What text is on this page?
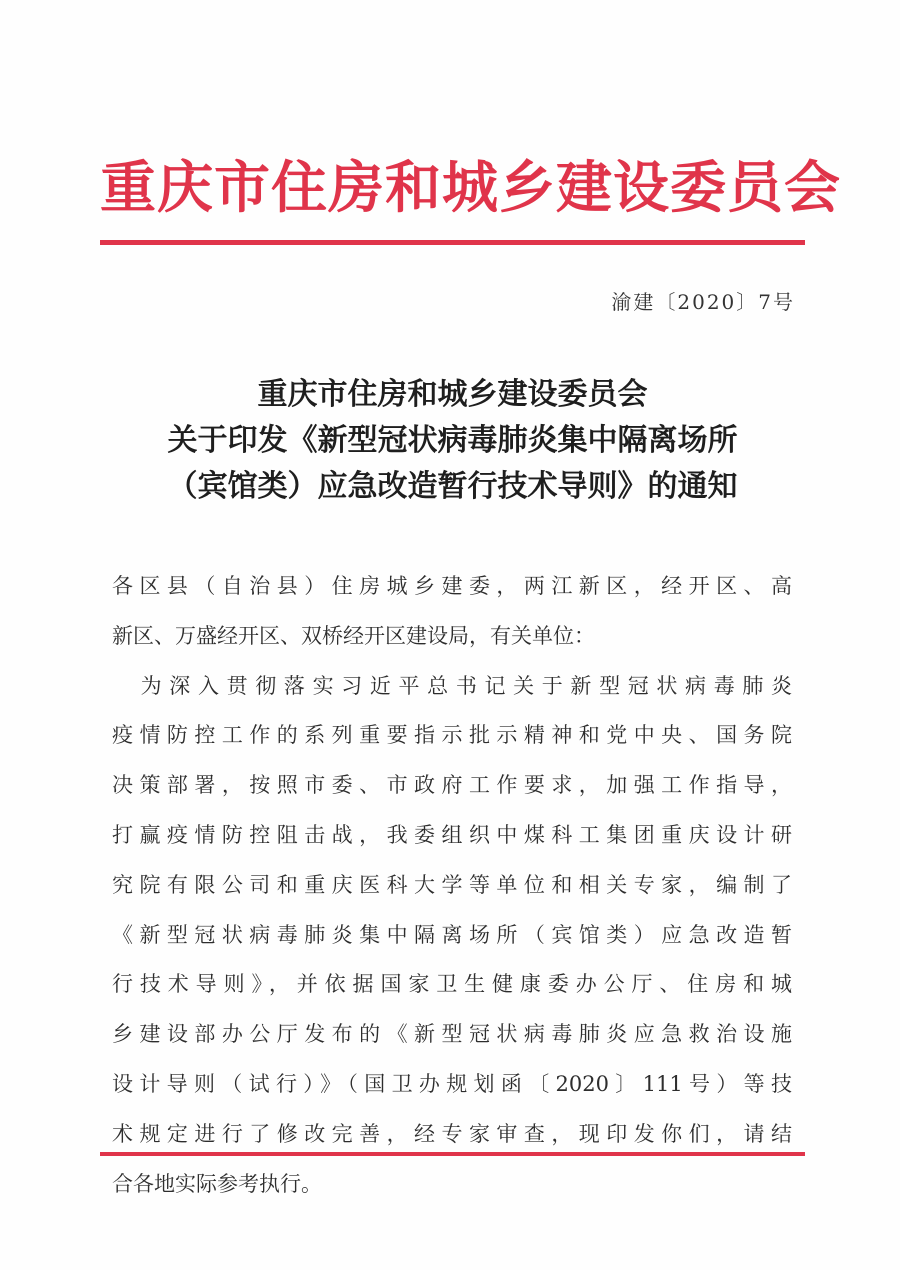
重庆市住房和城乡建设委员会
渝建〔2020〕7号
重庆市住房和城乡建设委员会
关于印发《新型冠状病毒肺炎集中隔离场所
（宾馆类）应急改造暂行技术导则》的通知
各区县（自治县）住房城乡建委，两江新区，经开区、高
新区、万盛经开区、双桥经开区建设局，有关单位：
　为深入贯彻落实习近平总书记关于新型冠状病毒肺炎
疫情防控工作的系列重要指示批示精神和党中央、国务院
决策部署，按照市委、市政府工作要求，加强工作指导，
打赢疫情防控阻击战，我委组织中煤科工集团重庆设计研
究院有限公司和重庆医科大学等单位和相关专家，编制了
《新型冠状病毒肺炎集中隔离场所（宾馆类）应急改造暂
行技术导则》，并依据国家卫生健康委办公厅、住房和城
乡建设部办公厅发布的《新型冠状病毒肺炎应急救治设施
设计导则（试行）》（国卫办规划函〔2020〕111号）等技
术规定进行了修改完善，经专家审查，现印发你们，请结
合各地实际参考执行。
